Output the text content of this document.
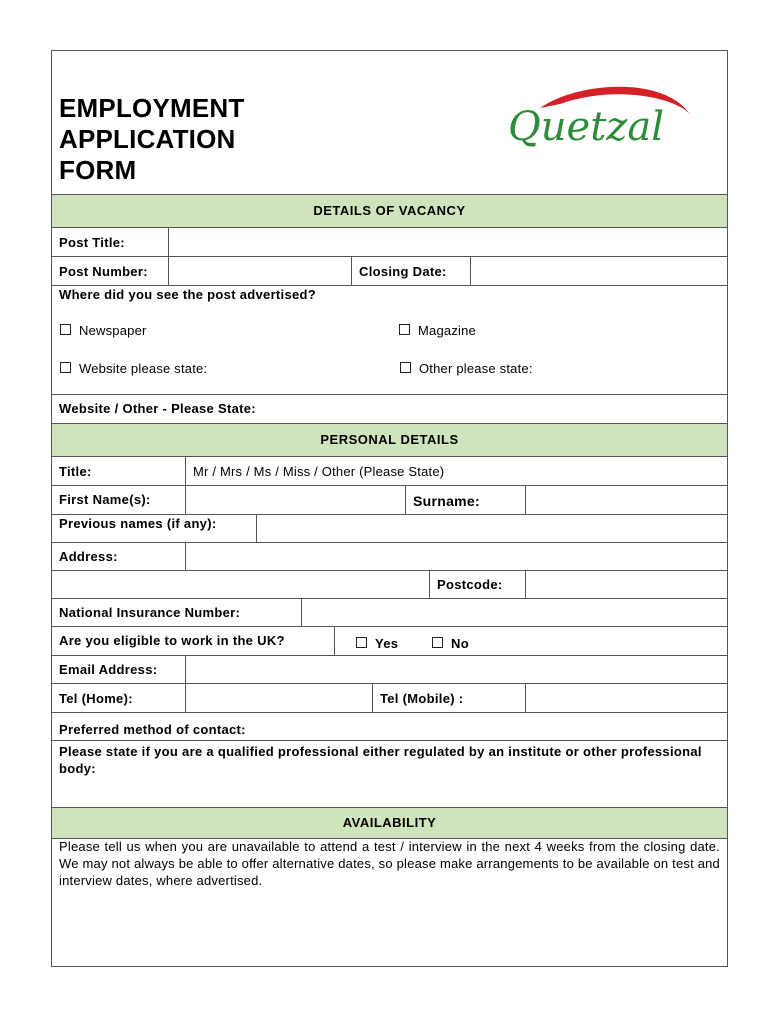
EMPLOYMENT
APPLICATION
FORM
Quetzal
DETAILS OF VACANCY
Post Title:
Post Number:	Closing Date:
Where did you see the post advertised?
Newspaper	Magazine
Website please state:	Other please state:
Website / Other - Please State:
PERSONAL DETAILS
Title:	Mr / Mrs / Ms / Miss / Other (Please State)
First Name(s):	Surname:
Previous names (if any):
Address:
Postcode:
National Insurance Number:
Are you eligible to work in the UK?	Yes	No
Email Address:
Tel (Home):	Tel (Mobile) :
Preferred method of contact:
Please state if you are a qualified professional either regulated by an institute or other professional body:
AVAILABILITY
Please tell us when you are unavailable to attend a test / interview in the next 4 weeks from the closing date. We may not always be able to offer alternative dates, so please make arrangements to be available on test and interview dates, where advertised.
